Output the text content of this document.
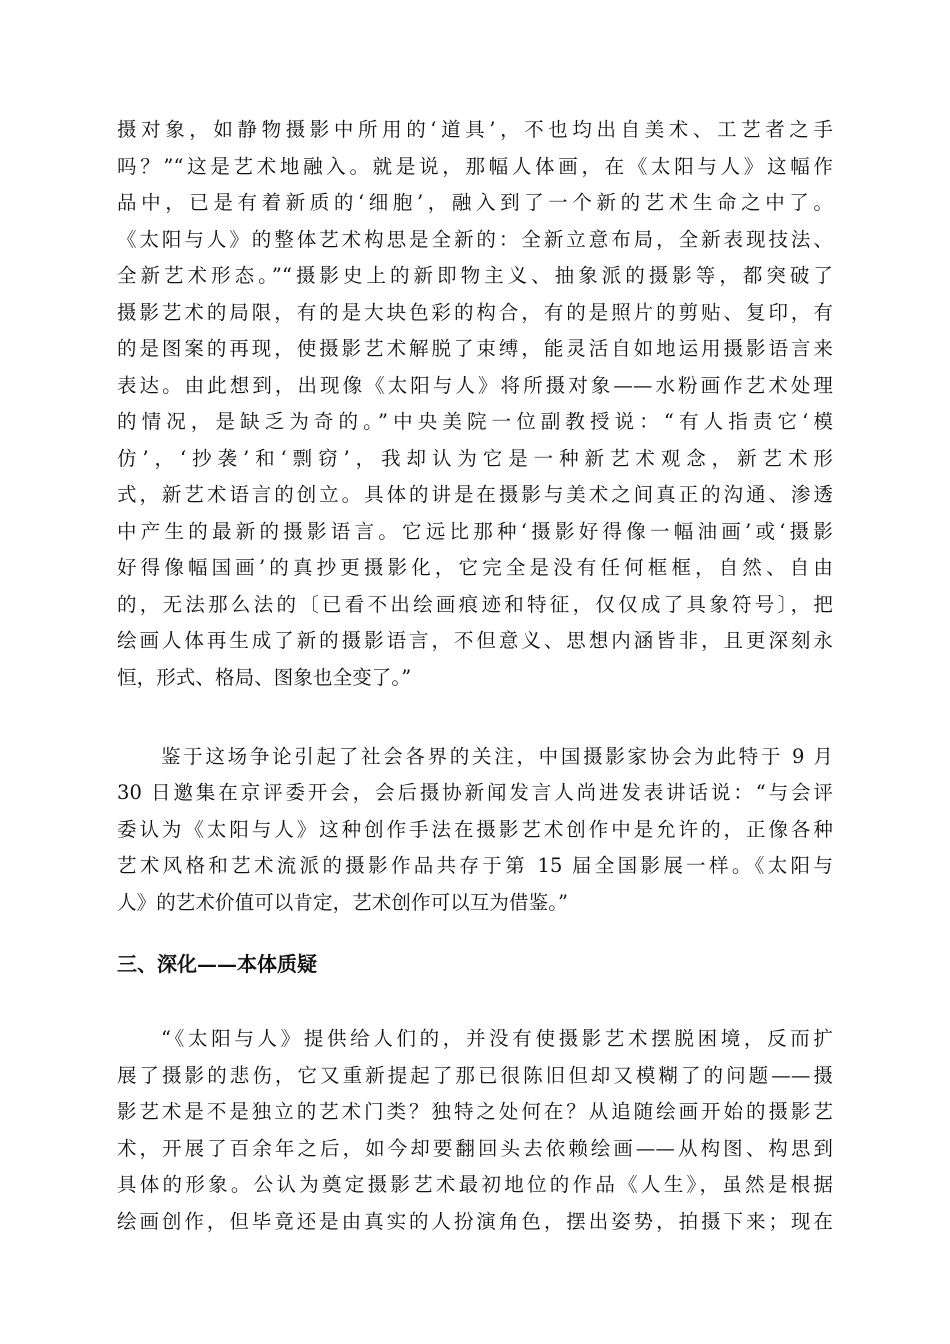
摄对象，如静物摄影中所用的‘道具’，不也均出自美术、工艺者之手
吗？”“这是艺术地融入。就是说，那幅人体画，在《太阳与人》这幅作
品中，已是有着新质的‘细胞’，融入到了一个新的艺术生命之中了。
《太阳与人》的整体艺术构思是全新的：全新立意布局，全新表现技法、
全新艺术形态。”“摄影史上的新即物主义、抽象派的摄影等，都突破了
摄影艺术的局限，有的是大块色彩的构合，有的是照片的剪贴、复印，有
的是图案的再现，使摄影艺术解脱了束缚，能灵活自如地运用摄影语言来
表达。由此想到，出现像《太阳与人》将所摄对象——水粉画作艺术处理
的情况，是缺乏为奇的。”中央美院一位副教授说：“有人指责它‘模
仿’，‘抄袭’和‘剽窃’，我却认为它是一种新艺术观念，新艺术形
式，新艺术语言的创立。具体的讲是在摄影与美术之间真正的沟通、渗透
中产生的最新的摄影语言。它远比那种‘摄影好得像一幅油画’或‘摄影
好得像幅国画’的真抄更摄影化，它完全是没有任何框框，自然、自由
的，无法那么法的〔已看不出绘画痕迹和特征，仅仅成了具象符号〕，把
绘画人体再生成了新的摄影语言，不但意义、思想内涵皆非，且更深刻永
恒，形式、格局、图象也全变了。”
鉴于这场争论引起了社会各界的关注，中国摄影家协会为此特于 9 月
30 日邀集在京评委开会，会后摄协新闻发言人尚进发表讲话说：“与会评
委认为《太阳与人》这种创作手法在摄影艺术创作中是允许的，正像各种
艺术风格和艺术流派的摄影作品共存于第 15 届全国影展一样。《太阳与
人》的艺术价值可以肯定，艺术创作可以互为借鉴。”
三、深化——本体质疑
“《太阳与人》提供给人们的，并没有使摄影艺术摆脱困境，反而扩
展了摄影的悲伤，它又重新提起了那已很陈旧但却又模糊了的问题——摄
影艺术是不是独立的艺术门类？独特之处何在？从追随绘画开始的摄影艺
术，开展了百余年之后，如今却要翻回头去依赖绘画——从构图、构思到
具体的形象。公认为奠定摄影艺术最初地位的作品《人生》，虽然是根据
绘画创作，但毕竟还是由真实的人扮演角色，摆出姿势，拍摄下来；现在
